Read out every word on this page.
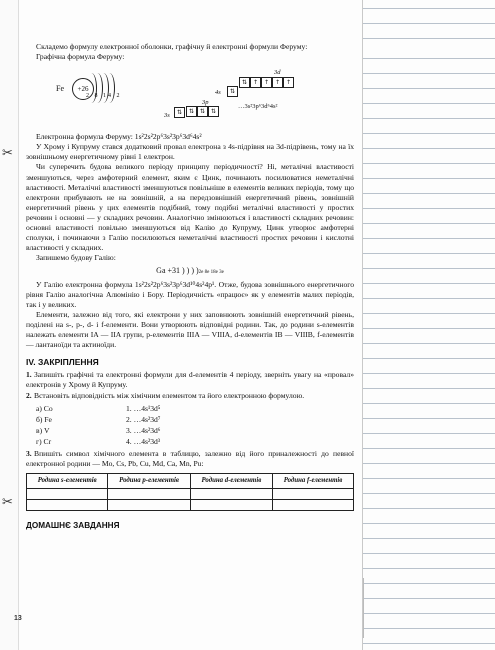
✂
✂

Складемо формулу електронної оболонки, графічну й електронні формули Феруму:

Графічна формула Феруму:

Fe	+26
2 8 14 2
3s	⇅
3p
⇅ ⇅ ⇅
4s	⇅
3d
⇅ ↑ ↑ ↑ ↑
…3s²3p⁶3d⁶4s²

Електронна формула Феруму: 1s²2s²2p⁶3s²3p⁶3d⁶4s²

У Хрому і Купруму стався додатковий провал електрона з 4s-підрівня на 3d-підрівень, тому на їх зовнішньому енергетичному рівні 1 електрон.

Чи суперечить будова великого періоду принципу періодичності? Ні, металічні властивості зменшуються, через амфотерний елемент, яким є Цинк, починають посилюватися неметалічні властивості. Металічні властивості зменшуються повільніше в елементів великих періодів, тому що електрони прибувають не на зовнішній, а на передзовнішній енергетичний рівень, зовнішній енергетичний рівень у цих елементів подібний, тому подібні металічні властивості у простих речовин і основні — у складних речовин. Аналогічно змінюються і властивості складних речовин: основні властивості повільно зменшуються від Калію до Купруму, Цинк утворює амфотерні сполуки, і починаючи з Галію посилюються неметалічні властивості простих речовин і кислотні властивості у складних.

Запишемо будову Галію:

Ga +31 ) ) ) ) 2e 8e 18e 3e

У Галію електронна формула 1s²2s²2p⁶3s²3p⁶3d¹⁰4s²4p¹. Отже, будова зовнішнього енергетичного рівня Галію аналогічна Алюмінію і Бору. Періодичність «працює» як у елементів малих періодів, так і у великих.

Елементи, залежно від того, які електрони у них заповнюють зовнішній енергетичний рівень, поділені на s-, p-, d- і f-елементи. Вони утворюють відповідні родини. Так, до родини s-елементів належать елементи IA — IIA групи, p-елементів IIIA — VIIIA, d-елементів IB — VIIIB, f-елементів — лантаноїди та актиноїди.

IV. ЗАКРІПЛЕННЯ

1. Запишіть графічні та електронні формули для d-елементів 4 періоду, зверніть увагу на «провал» електронів у Хрому й Купруму.

2. Встановіть відповідність між хімічним елементом та його електронною формулою.

а) Co	1. …4s¹3d⁵
б) Fe	2. …4s²3d⁷
в) V	3. …4s²3d⁶
г) Cr	4. …4s²3d³

3. Впишіть символ хімічного елемента в таблицю, залежно від його приналежності до певної електронної родини — Mo, Cs, Pb, Cu, Md, Ca, Mn, Pu:

Родина s-елементів	Родина p-елементів	Родина d-елементів	Родина f-елементів

ДОМАШНЄ ЗАВДАННЯ
13
